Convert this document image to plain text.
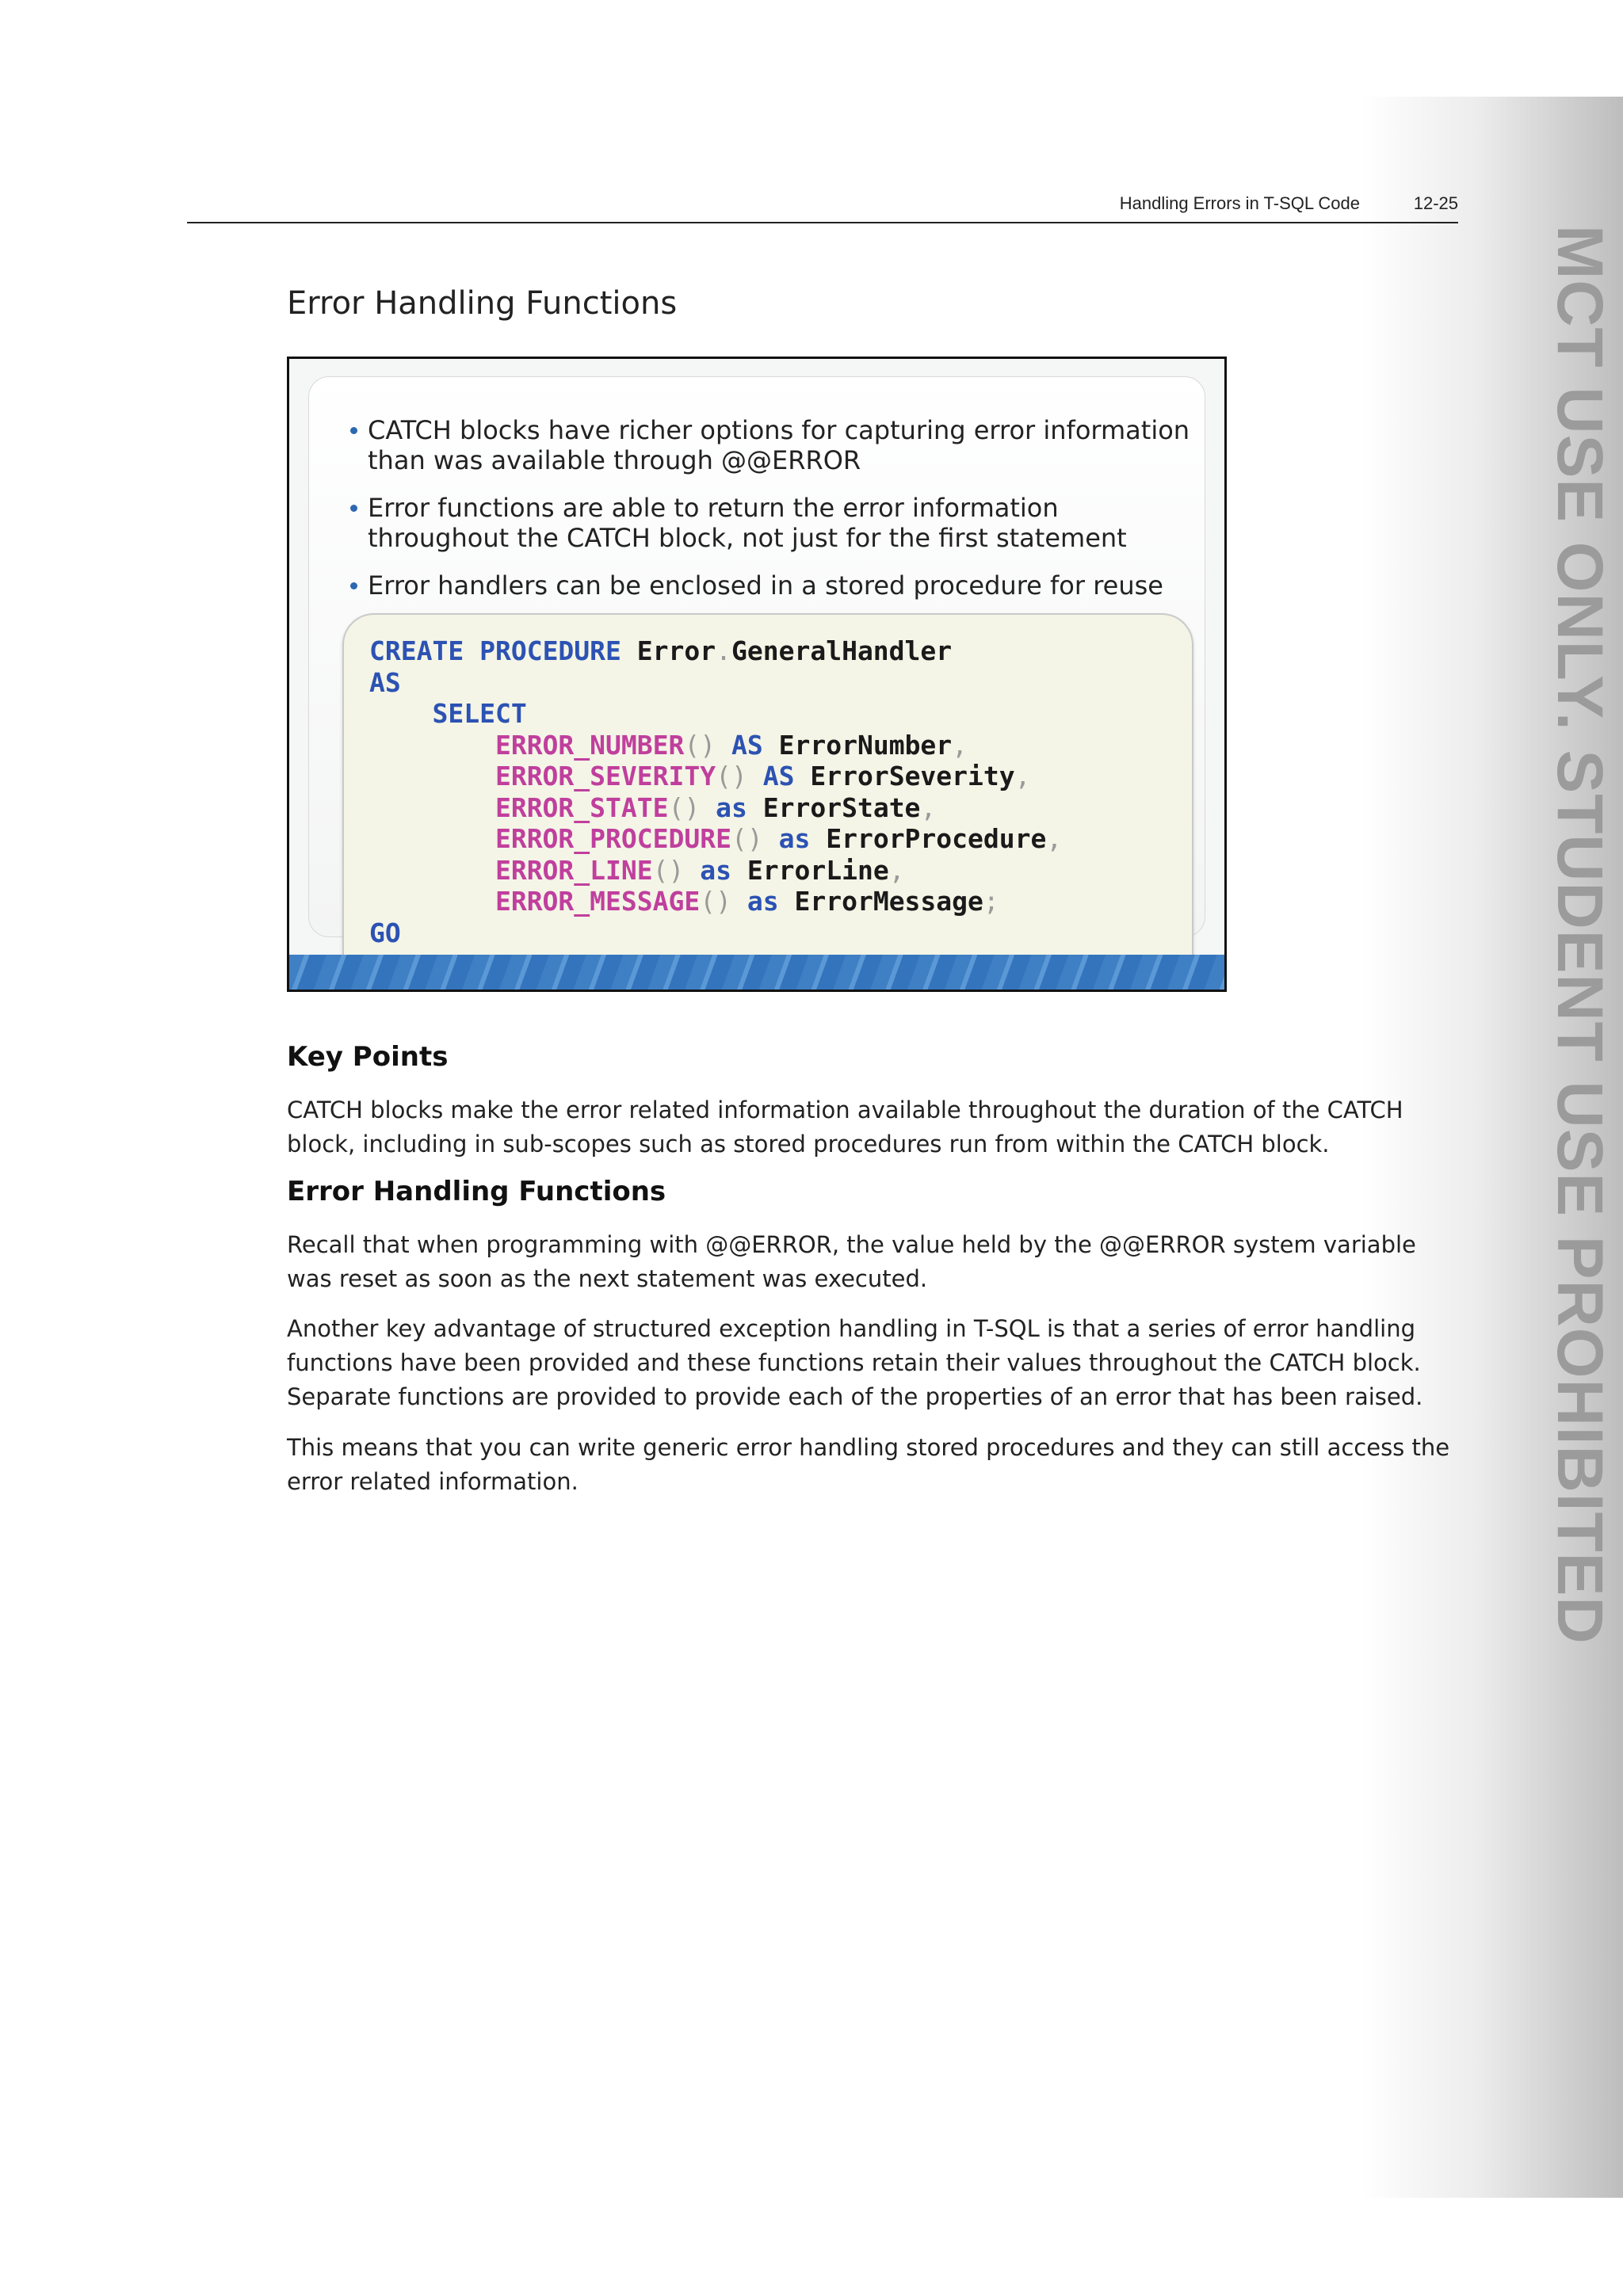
MCT USE ONLY. STUDENT USE PROHIBITED
Handling Errors in T-SQL Code	12-25
Error Handling Functions
CATCH blocks have richer options for capturing error information than was available through @@ERROR
Error functions are able to return the error information throughout the CATCH block, not just for the first statement
Error handlers can be enclosed in a stored procedure for reuse
CREATE PROCEDURE Error.GeneralHandler
AS
SELECT
ERROR_NUMBER() AS ErrorNumber,
ERROR_SEVERITY() AS ErrorSeverity,
ERROR_STATE() as ErrorState,
ERROR_PROCEDURE() as ErrorProcedure,
ERROR_LINE() as ErrorLine,
ERROR_MESSAGE() as ErrorMessage;
GO
Key Points

CATCH blocks make the error related information available throughout the duration of the CATCH block, including in sub-scopes such as stored procedures run from within the CATCH block.

Error Handling Functions

Recall that when programming with @@ERROR, the value held by the @@ERROR system variable was reset as soon as the next statement was executed.

Another key advantage of structured exception handling in T-SQL is that a series of error handling functions have been provided and these functions retain their values throughout the CATCH block. Separate functions are provided to provide each of the properties of an error that has been raised.

This means that you can write generic error handling stored procedures and they can still access the error related information.
